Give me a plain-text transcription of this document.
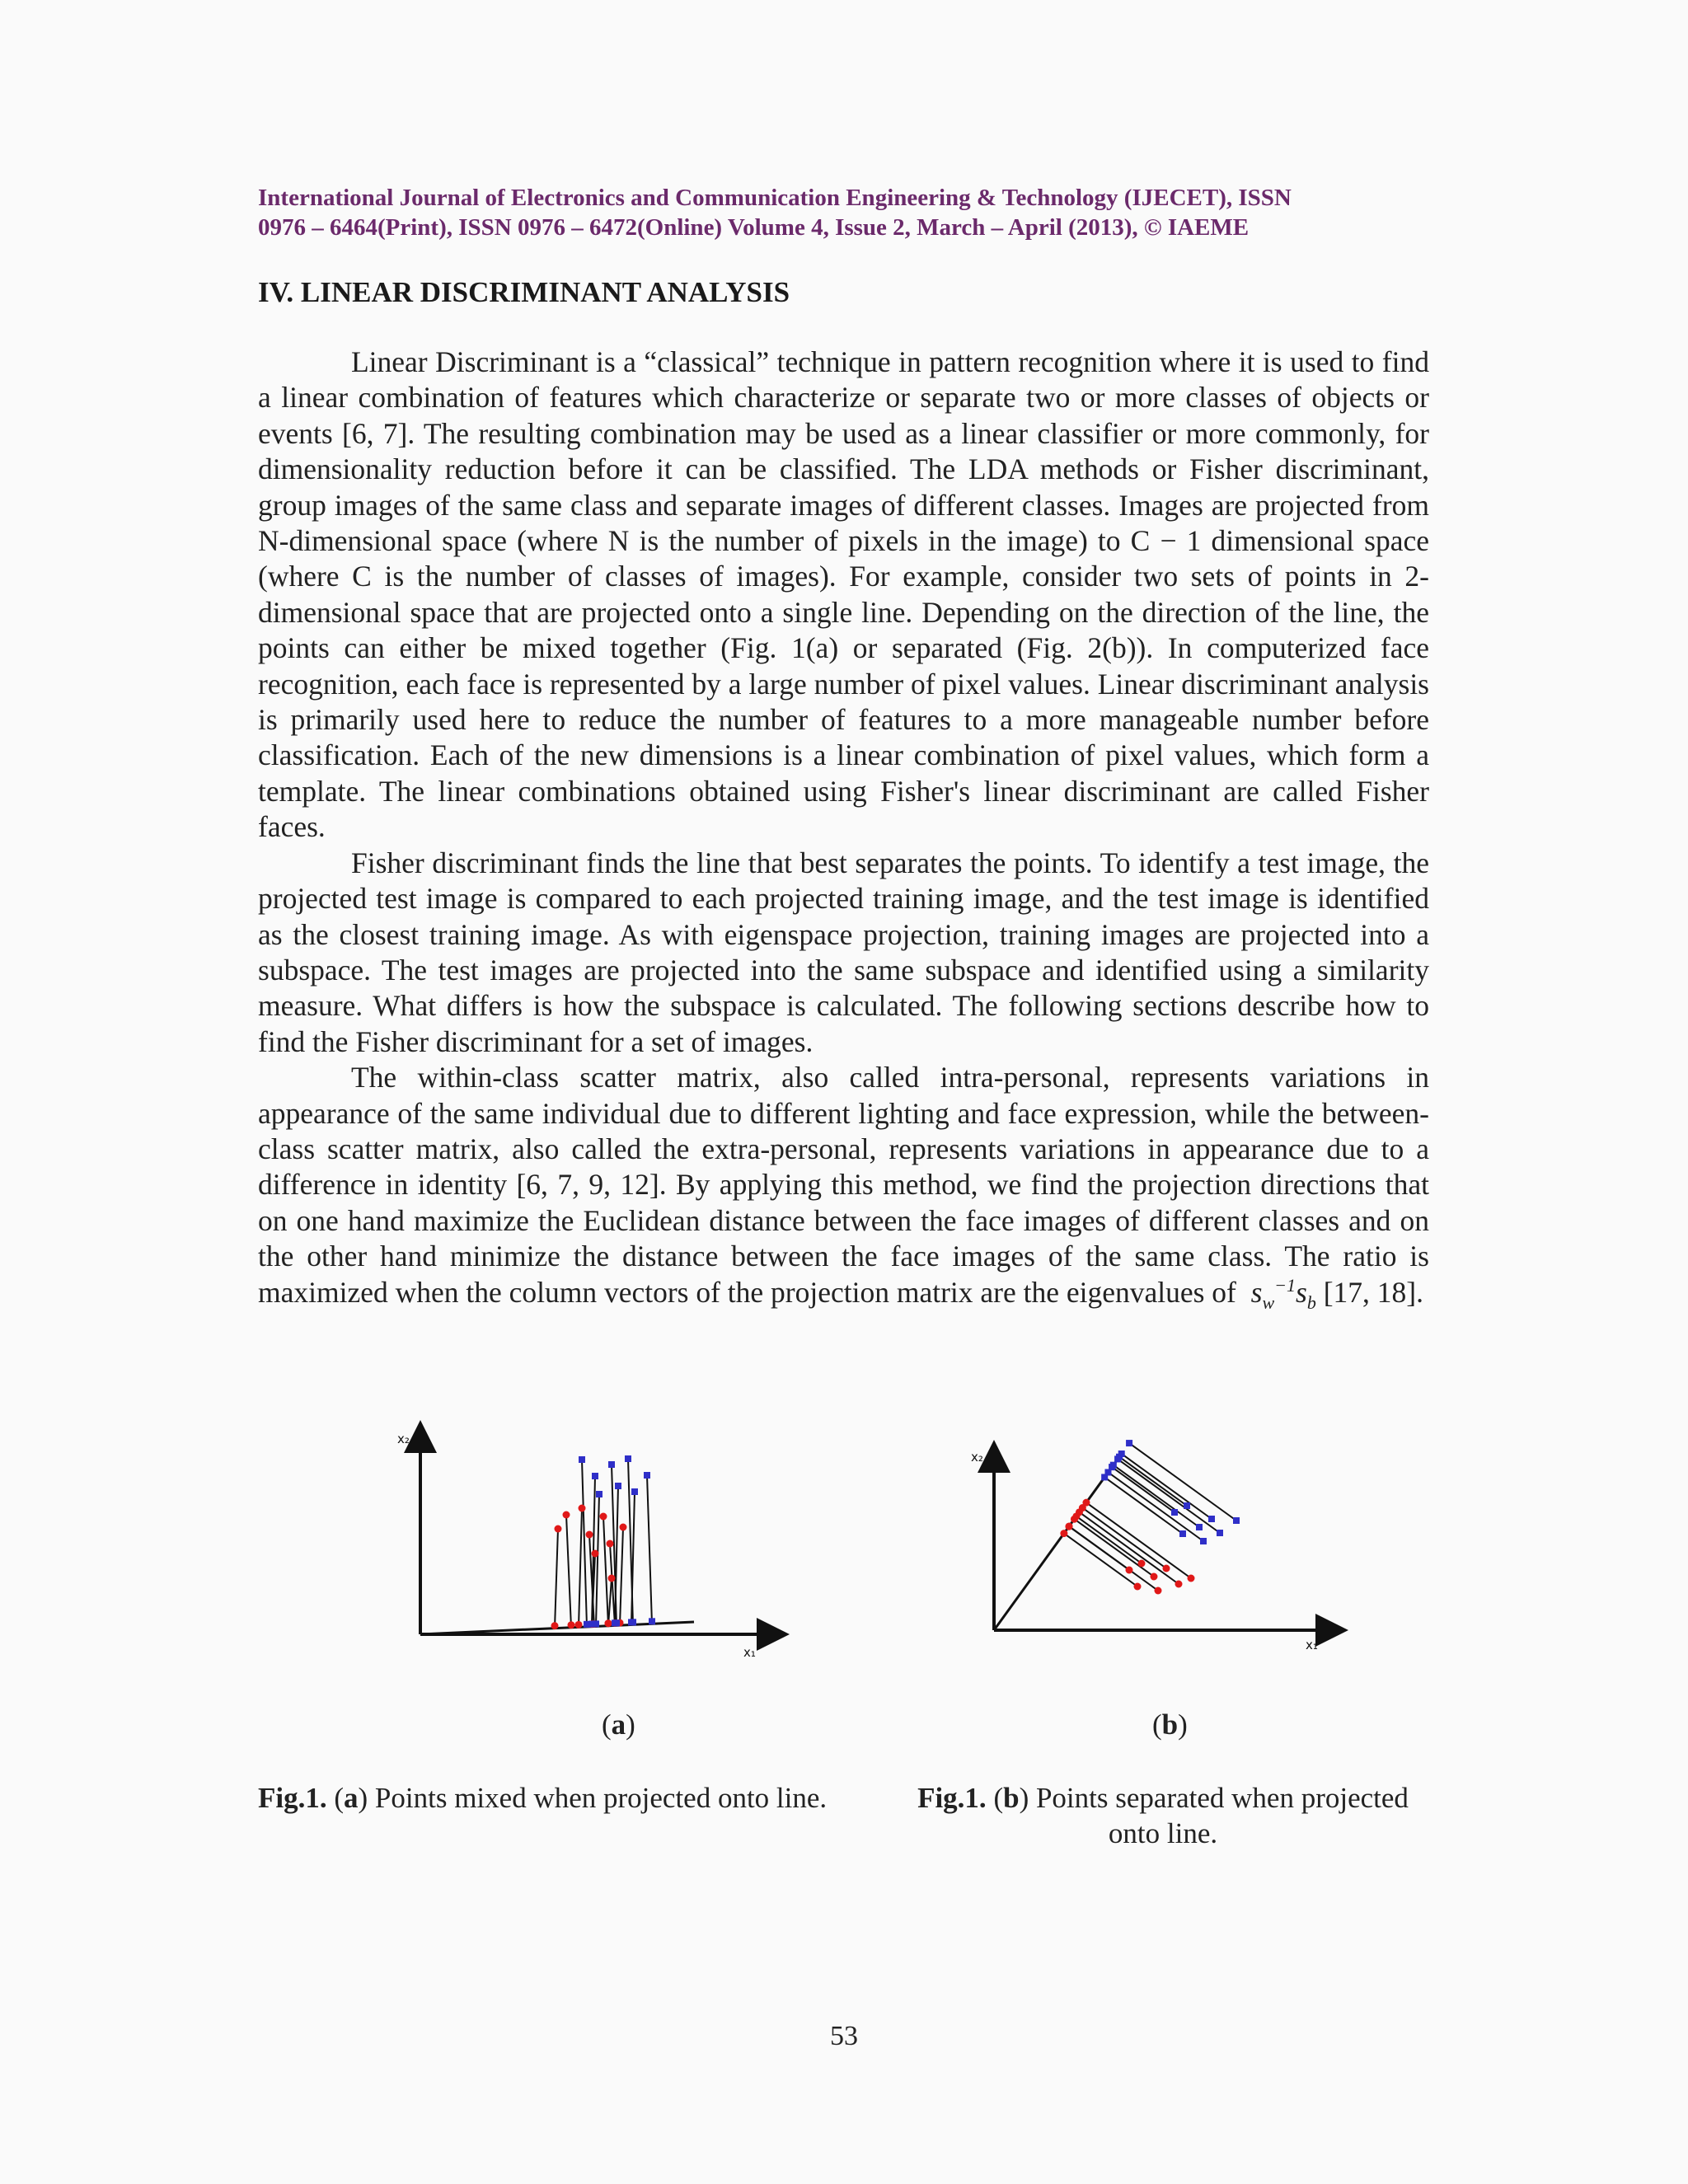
International Journal of Electronics and Communication Engineering & Technology (IJECET), ISSN
0976 – 6464(Print), ISSN 0976 – 6472(Online) Volume 4, Issue 2, March – April (2013), © IAEME
IV. LINEAR DISCRIMINANT ANALYSIS

Linear Discriminant is a “classical” technique in pattern recognition where it is used to find a linear combination of features which characterize or separate two or more classes of objects or events [6, 7]. The resulting combination may be used as a linear classifier or more commonly, for dimensionality reduction before it can be classified. The LDA methods or Fisher discriminant, group images of the same class and separate images of different classes. Images are projected from N-dimensional space (where N is the number of pixels in the image) to C − 1 dimensional space (where C is the number of classes of images). For example, consider two sets of points in 2-dimensional space that are projected onto a single line. Depending on the direction of the line, the points can either be mixed together (Fig. 1(a) or separated (Fig. 2(b)). In computerized face recognition, each face is represented by a large number of pixel values. Linear discriminant analysis is primarily used here to reduce the number of features to a more manageable number before classification. Each of the new dimensions is a linear combination of pixel values, which form a template. The linear combinations obtained using Fisher's linear discriminant are called Fisher faces.

Fisher discriminant finds the line that best separates the points. To identify a test image, the projected test image is compared to each projected training image, and the test image is identified as the closest training image. As with eigenspace projection, training images are projected into a subspace. The test images are projected into the same subspace and identified using a similarity measure. What differs is how the subspace is calculated. The following sections describe how to find the Fisher discriminant for a set of images.

The within-class scatter matrix, also called intra-personal, represents variations in appearance of the same individual due to different lighting and face expression, while the between-class scatter matrix, also called the extra-personal, represents variations in appearance due to a difference in identity [6, 7, 9, 12]. By applying this method, we find the projection directions that on one hand maximize the Euclidean distance between the face images of different classes and on the other hand minimize the distance between the face images of the same class. The ratio is maximized when the column vectors of the projection matrix are the eigenvalues of $s_w^{-1}s_b$ [17, 18].

x₂
x₁
x₂
x₁
(a)	(b)
Fig.1. (a) Points mixed when projected onto line.	Fig.1. (b) Points separated when projected
onto line.
53
